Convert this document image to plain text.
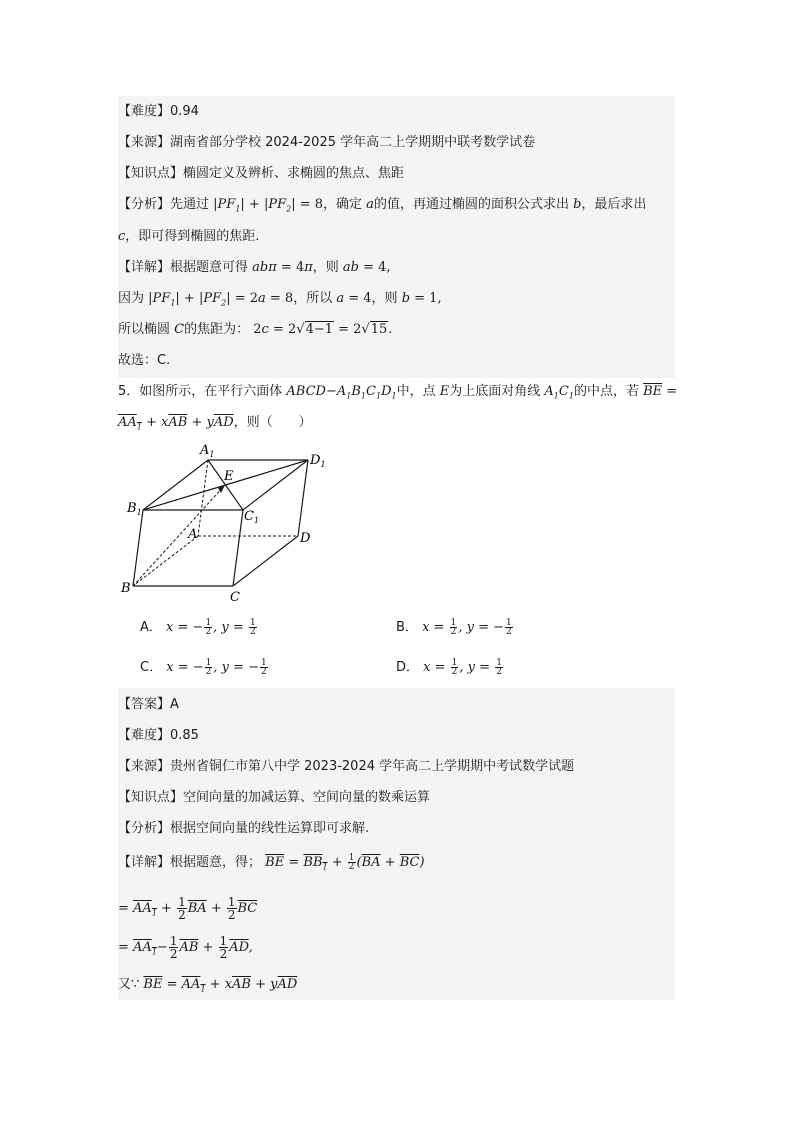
【难度】0.94
【来源】湖南省部分学校 2024-2025 学年高二上学期期中联考数学试卷
【知识点】椭圆定义及辨析、求椭圆的焦点、焦距
【分析】先通过 $|PF_1| + |PF_2| = 8$，确定 a的值，再通过椭圆的面积公式求出 b，最后求出
c，即可得到椭圆的焦距.
【详解】根据题意可得 abπ = 4π，则 ab = 4,
因为 $|PF_1| + |PF_2| = 2a = 8$，所以 a = 4，则 b = 1,
所以椭圆 C的焦距为： 2c = 2√4−1 = 2√15.
故选：C.
5．如图所示，在平行六面体 $ABCD-A_1B_1C_1D_1$中，点 E为上底面对角线 $A_1C_1$的中点，若 $\overline{BE}$ =
$AA_1 + x\overline{AB} + y\overline{AD}$，则（　　）
$A_1$	$D_1$
E
$B_1$	$C_1$
A	D
B
C
A． x = − $\frac{1}{2}$ , $y = \frac{1}{2}$	B． $x = \frac{1}{2}$ , y = − $\frac{1}{2}$
C． x = − $\frac{1}{2}$ , y = − $\frac{1}{2}$	D． $x = \frac{1}{2}$ , $y = \frac{1}{2}$
【答案】A
【难度】0.85
【来源】贵州省铜仁市第八中学 2023-2024 学年高二上学期期中考试数学试题
【知识点】空间向量的加减运算、空间向量的数乘运算
【分析】根据空间向量的线性运算即可求解.
【详解】根据题意，得； $\overline{BE} = BB_1 + \frac{1}{2} (\overline{BA} + \overline{BC})$
= $AA_1 + \frac{1}{2} \overline{BA} + \frac{1}{2} \overline{BC}$
= $AA_1- \frac{1}{2} \overline{AB} + \frac{1}{2} \overline{AD}$,
又∵ $\overline{BE} = AA_1 + x\overline{AB} + y\overline{AD}$
